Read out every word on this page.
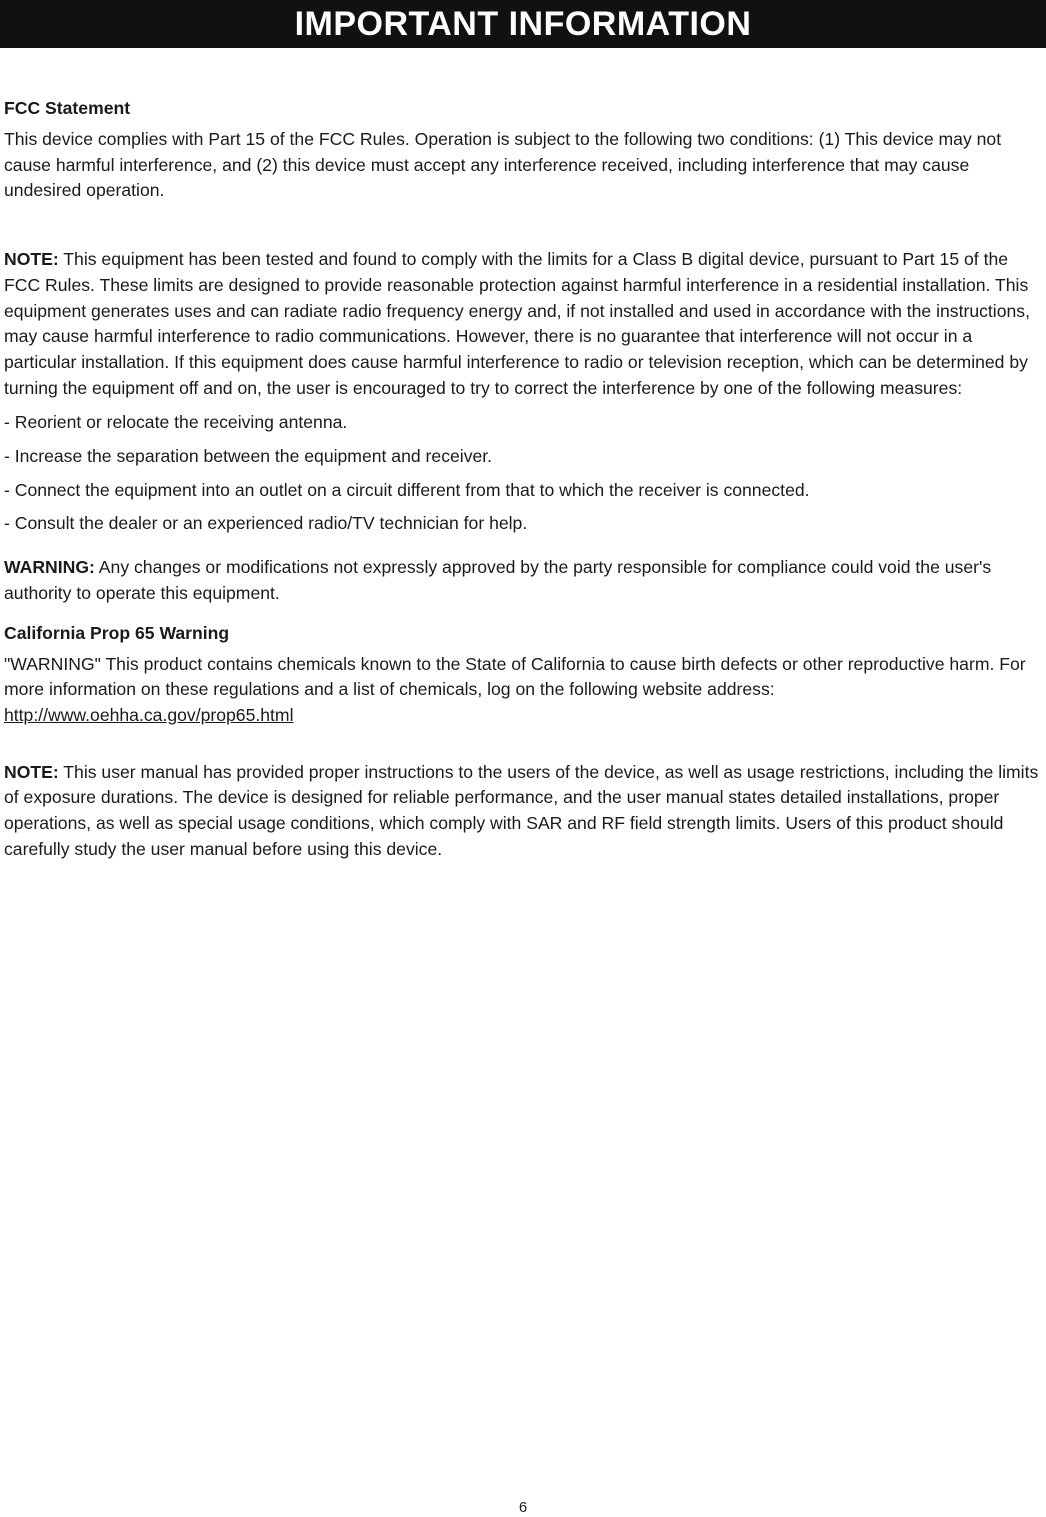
IMPORTANT INFORMATION
FCC Statement

This device complies with Part 15 of the FCC Rules. Operation is subject to the following two conditions: (1) This device may not cause harmful interference, and (2) this device must accept any interference received, including interference that may cause undesired operation.

NOTE: This equipment has been tested and found to comply with the limits for a Class B digital device, pursuant to Part 15 of the FCC Rules. These limits are designed to provide reasonable protection against harmful interference in a residential installation. This equipment generates uses and can radiate radio frequency energy and, if not installed and used in accordance with the instructions, may cause harmful interference to radio communications. However, there is no guarantee that interference will not occur in a particular installation. If this equipment does cause harmful interference to radio or television reception, which can be determined by turning the equipment off and on, the user is encouraged to try to correct the interference by one of the following measures:

- Reorient or relocate the receiving antenna.

- Increase the separation between the equipment and receiver.

- Connect the equipment into an outlet on a circuit different from that to which the receiver is connected.

- Consult the dealer or an experienced radio/TV technician for help.

WARNING: Any changes or modifications not expressly approved by the party responsible for compliance could void the user's authority to operate this equipment.

California Prop 65 Warning

"WARNING" This product contains chemicals known to the State of California to cause birth defects or other reproductive harm. For more information on these regulations and a list of chemicals, log on the following website address: http://www.oehha.ca.gov/prop65.html

NOTE: This user manual has provided proper instructions to the users of the device, as well as usage restrictions, including the limits of exposure durations. The device is designed for reliable performance, and the user manual states detailed installations, proper operations, as well as special usage conditions, which comply with SAR and RF field strength limits. Users of this product should carefully study the user manual before using this device.

6
